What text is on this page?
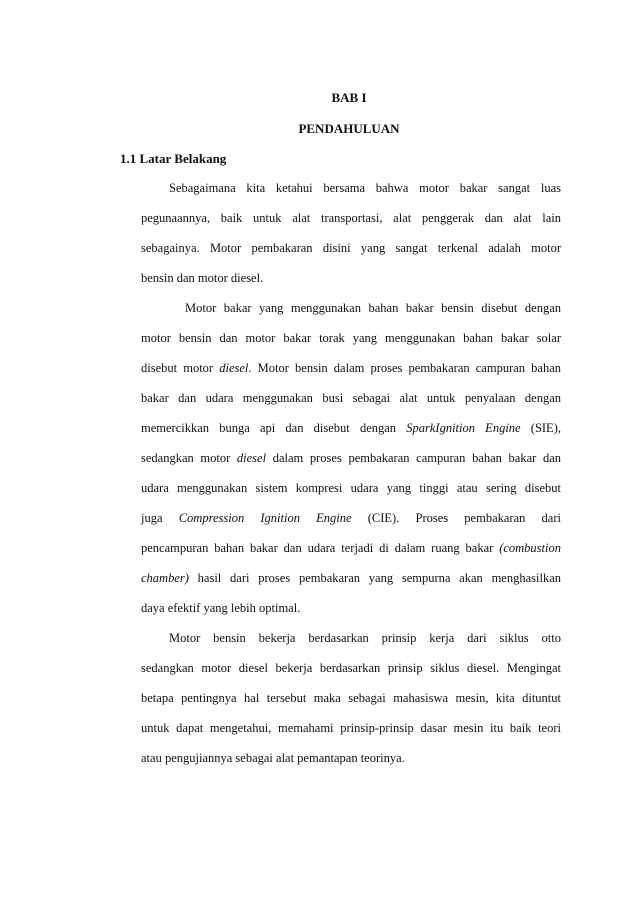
BAB I
PENDAHULUAN
1.1 Latar Belakang

Sebagaimana kita ketahui bersama bahwa motor bakar sangat luas

pegunaannya, baik untuk alat transportasi, alat penggerak dan alat lain

sebagainya. Motor pembakaran disini yang sangat terkenal adalah motor

bensin dan motor diesel.

Motor bakar yang menggunakan bahan bakar bensin disebut dengan

motor bensin dan motor bakar torak yang menggunakan bahan bakar solar

disebut motor diesel. Motor bensin dalam proses pembakaran campuran bahan

bakar dan udara menggunakan busi sebagai alat untuk penyalaan dengan

memercikkan bunga api dan disebut dengan SparkIgnition Engine (SIE),

sedangkan motor diesel dalam proses pembakaran campuran bahan bakar dan

udara menggunakan sistem kompresi udara yang tinggi atau sering disebut

juga Compression Ignition Engine (CIE). Proses pembakaran dari

pencampuran bahan bakar dan udara terjadi di dalam ruang bakar (combustion

chamber) hasil dari proses pembakaran yang sempurna akan menghasilkan

daya efektif yang lebih optimal.

Motor bensin bekerja berdasarkan prinsip kerja dari siklus otto

sedangkan motor diesel bekerja berdasarkan prinsip siklus diesel. Mengingat

betapa pentingnya hal tersebut maka sebagai mahasiswa mesin, kita dituntut

untuk dapat mengetahui, memahami prinsip-prinsip dasar mesin itu baik teori

atau pengujiannya sebagai alat pemantapan teorinya.
